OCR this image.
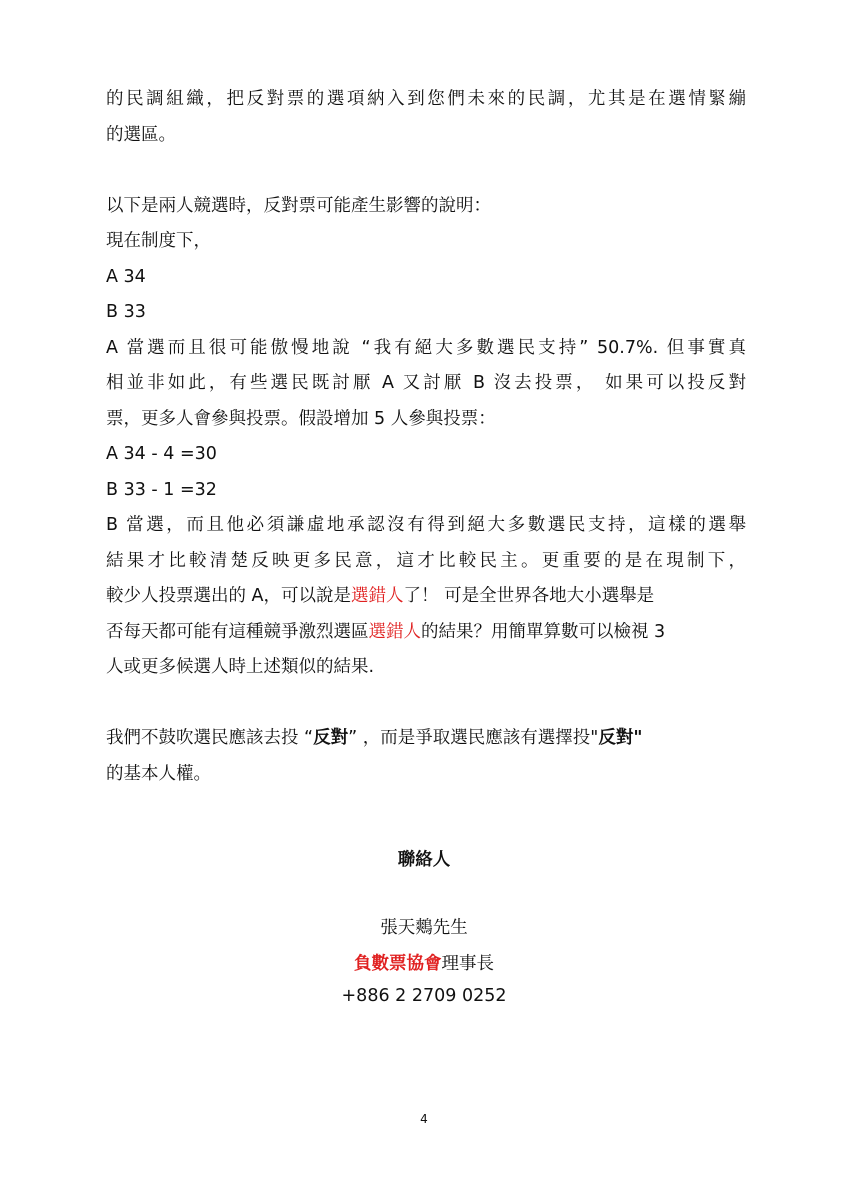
的民調組織，把反對票的選項納入到您們未來的民調，尤其是在選情緊繃
的選區。
以下是兩人競選時，反對票可能產生影響的說明：
現在制度下，
A 34
B 33
A 當選而且很可能傲慢地說 “我有絕大多數選民支持” 50.7%. 但事實真
相並非如此，有些選民既討厭 A 又討厭 B 沒去投票， 如果可以投反對
票，更多人會參與投票。假設增加 5 人參與投票：
A 34 - 4 =30
B 33 - 1 =32
B 當選，而且他必須謙虛地承認沒有得到絕大多數選民支持，這樣的選舉
結果才比較清楚反映更多民意，這才比較民主。更重要的是在現制下，
較少人投票選出的 A，可以說是選錯人了！ 可是全世界各地大小選舉是
否每天都可能有這種競爭激烈選區選錯人的結果？用簡單算數可以檢視 3
人或更多候選人時上述類似的結果.
我們不鼓吹選民應該去投 “反對” ，而是爭取選民應該有選擇投"反對"
的基本人權。
聯絡人
張天鷞先生
負數票協會理事長
+886 2 2709 0252
4
